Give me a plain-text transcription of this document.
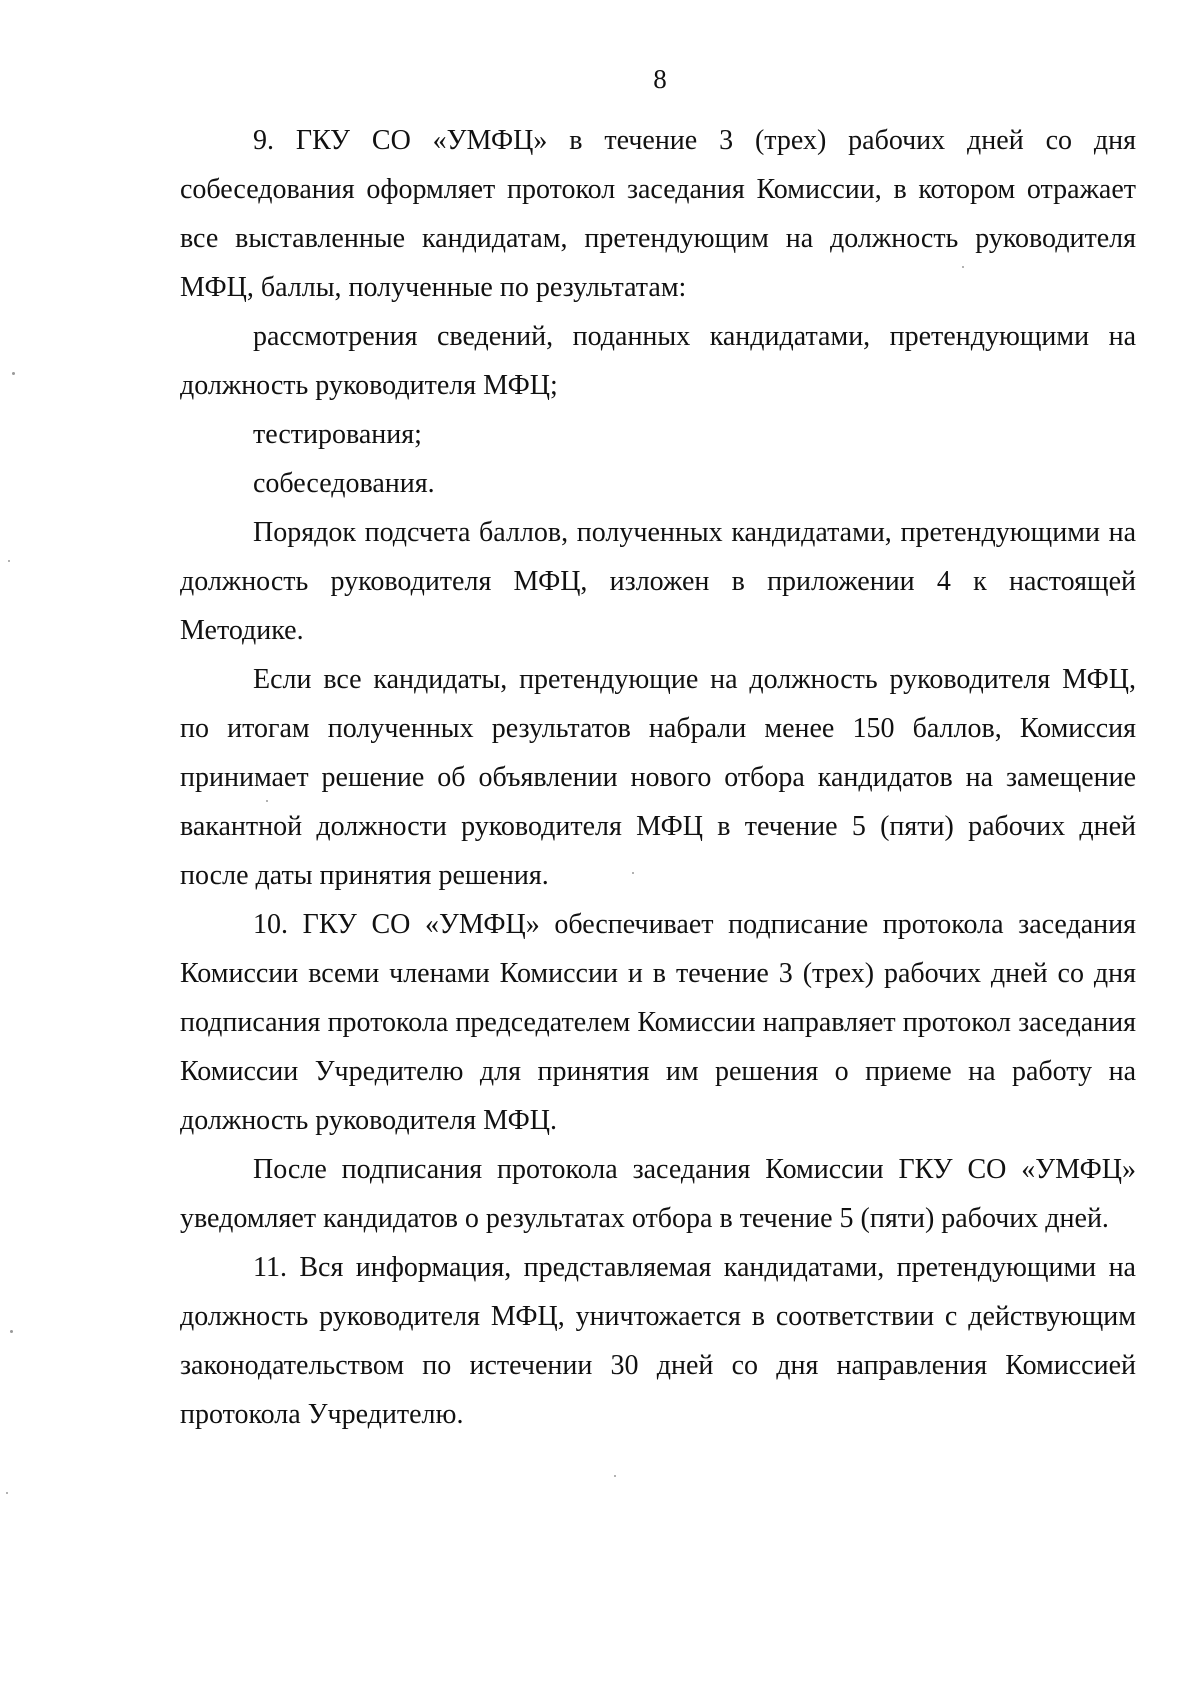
8

9. ГКУ СО «УМФЦ» в течение 3 (трех) рабочих дней со дня собеседования оформляет протокол заседания Комиссии, в котором отражает все выставленные кандидатам, претендующим на должность руководителя МФЦ, баллы, полученные по результатам:

рассмотрения сведений, поданных кандидатами, претендующими на должность руководителя МФЦ;

тестирования;

собеседования.

Порядок подсчета баллов, полученных кандидатами, претендующими на должность руководителя МФЦ, изложен в приложении 4 к настоящей Методике.

Если все кандидаты, претендующие на должность руководителя МФЦ, по итогам полученных результатов набрали менее 150 баллов, Комиссия принимает решение об объявлении нового отбора кандидатов на замещение вакантной должности руководителя МФЦ в течение 5 (пяти) рабочих дней после даты принятия решения.

10. ГКУ СО «УМФЦ» обеспечивает подписание протокола заседания Комиссии всеми членами Комиссии и в течение 3 (трех) рабочих дней со дня подписания протокола председателем Комиссии направляет протокол заседания Комиссии Учредителю для принятия им решения о приеме на работу на должность руководителя МФЦ.

После подписания протокола заседания Комиссии ГКУ СО «УМФЦ» уведомляет кандидатов о результатах отбора в течение 5 (пяти) рабочих дней.

11. Вся информация, представляемая кандидатами, претендующими на должность руководителя МФЦ, уничтожается в соответствии с действующим законодательством по истечении 30 дней со дня направления Комиссией протокола Учредителю.
